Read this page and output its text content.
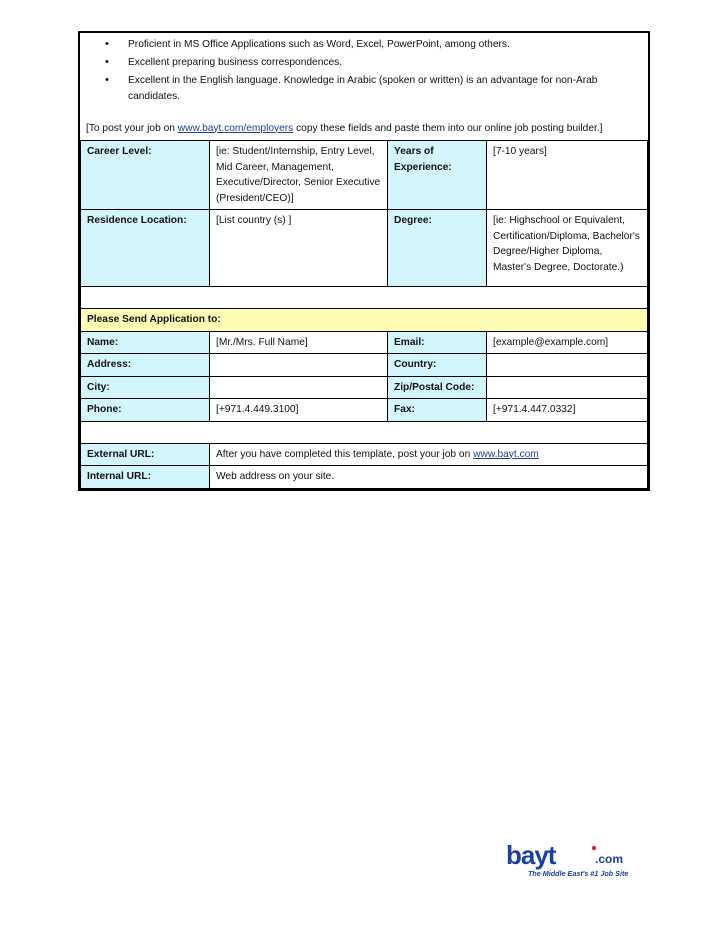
• Proficient in MS Office Applications such as Word, Excel, PowerPoint, among others.
• Excellent preparing business correspondences.
• Excellent in the English language. Knowledge in Arabic (spoken or written) is an advantage for non-Arab candidates.
[To post your job on www.bayt.com/employers copy these fields and paste them into our online job posting builder.]
Career Level:	[ie: Student/Internship, Entry Level, Mid Career, Management, Executive/Director, Senior Executive (President/CEO)]	Years of Experience:	[7-10 years]
Residence Location:	[List country (s) ]	Degree:	[ie: Highschool or Equivalent, Certification/Diploma, Bachelor's Degree/Higher Diploma, Master's Degree, Doctorate.)

Please Send Application to:			
Name:	[Mr./Mrs. Full Name]	Email:	[example@example.com]
Address:		Country:	
City:		Zip/Postal Code:	
Phone:	[+971.4.449.3100]	Fax:	[+971.4.447.0332]

External URL:	After you have completed this template, post your job on www.bayt.com		
Internal URL:	Web address on your site.		
bayt	.com
The Middle East's #1 Job Site
